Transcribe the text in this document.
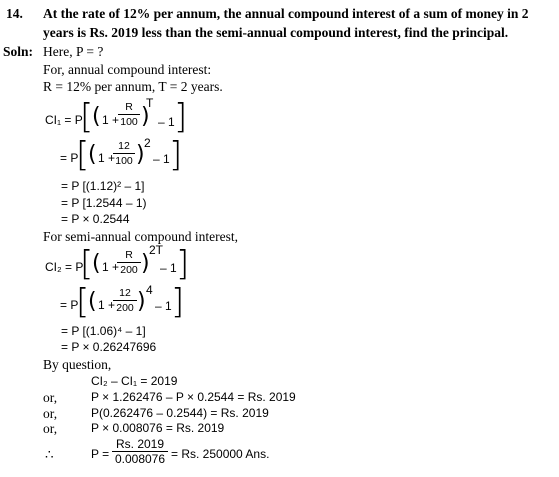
14. At the rate of 12% per annum, the annual compound interest of a sum of money in 2
years is Rs. 2019 less than the semi-annual compound interest, find the principal.
Soln: Here, P = ?
For, annual compound interest:
R = 12% per annum, T = 2 years.
CI₁ = P
[
( 1 +
R
100 )
T
– 1 ]
= P
[
( 1 +
12
100 ) 2
– 1 ]
= P [(1.12)² – 1]
= P [1.2544 – 1)
= P × 0.2544
For semi-annual compound interest,
CI₂ = P
[
( 1 +
R
200 )
2T
– 1 ]
= P
[
( 1 +
12
200 ) 4
– 1 ]
= P [(1.06)⁴ – 1]
= P × 0.26247696
By question,
CI₂ – CI₁ = 2019
or,	P × 1.262476 – P × 0.2544 = Rs. 2019
or,	P(0.262476 – 0.2544) = Rs. 2019
or,	P × 0.008076 = Rs. 2019
∴	P =
Rs. 2019
0.008076 = Rs. 250000 Ans.
